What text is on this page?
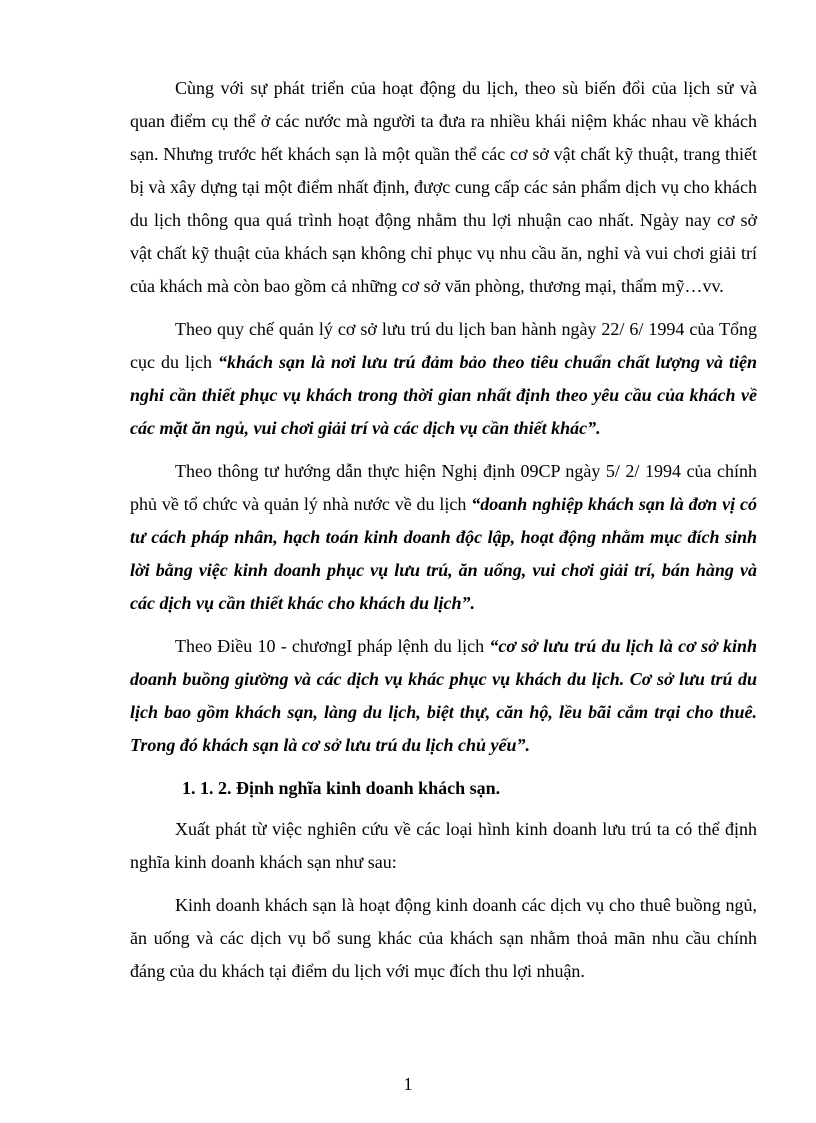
Cùng với sự phát triển của hoạt động du lịch, theo sù biến đổi của lịch sử và quan điểm cụ thể ở các nước mà người ta đưa ra nhiều khái niệm khác nhau về khách sạn. Nhưng trước hết khách sạn là một quần thể các cơ sở vật chất kỹ thuật, trang thiết bị và xây dựng tại một điểm nhất định, được cung cấp các sản phẩm dịch vụ cho khách du lịch thông qua quá trình hoạt động nhằm thu lợi nhuận cao nhất. Ngày nay cơ sở vật chất kỹ thuật của khách sạn không chỉ phục vụ nhu cầu ăn, nghỉ và vui chơi giải trí của khách mà còn bao gồm cả những cơ sở văn phòng, thương mại, thẩm mỹ…vv.

Theo quy chế quản lý cơ sở lưu trú du lịch ban hành ngày 22/ 6/ 1994 của Tổng cục du lịch “khách sạn là nơi lưu trú đảm bảo theo tiêu chuẩn chất lượng và tiện nghi cần thiết phục vụ khách trong thời gian nhất định theo yêu cầu của khách về các mặt ăn ngủ, vui chơi giải trí và các dịch vụ cần thiết khác”.

Theo thông tư hướng dẫn thực hiện Nghị định 09CP ngày 5/ 2/ 1994 của chính phủ về tổ chức và quản lý nhà nước về du lịch “doanh nghiệp khách sạn là đơn vị có tư cách pháp nhân, hạch toán kinh doanh độc lập, hoạt động nhằm mục đích sinh lời bằng việc kinh doanh phục vụ lưu trú, ăn uống, vui chơi giải trí, bán hàng và các dịch vụ cần thiết khác cho khách du lịch”.

Theo Điều 10 - chươngI pháp lệnh du lịch “cơ sở lưu trú du lịch là cơ sở kinh doanh buồng giường và các dịch vụ khác phục vụ khách du lịch. Cơ sở lưu trú du lịch bao gồm khách sạn, làng du lịch, biệt thự, căn hộ, lều bãi cắm trại cho thuê. Trong đó khách sạn là cơ sở lưu trú du lịch chủ yếu”.

1. 1. 2. Định nghĩa kinh doanh khách sạn.

Xuất phát từ việc nghiên cứu về các loại hình kinh doanh lưu trú ta có thể định nghĩa kinh doanh khách sạn như sau:

Kinh doanh khách sạn là hoạt động kinh doanh các dịch vụ cho thuê buồng ngủ, ăn uống và các dịch vụ bổ sung khác của khách sạn nhằm thoả mãn nhu cầu chính đáng của du khách tại điểm du lịch với mục đích thu lợi nhuận.

1
